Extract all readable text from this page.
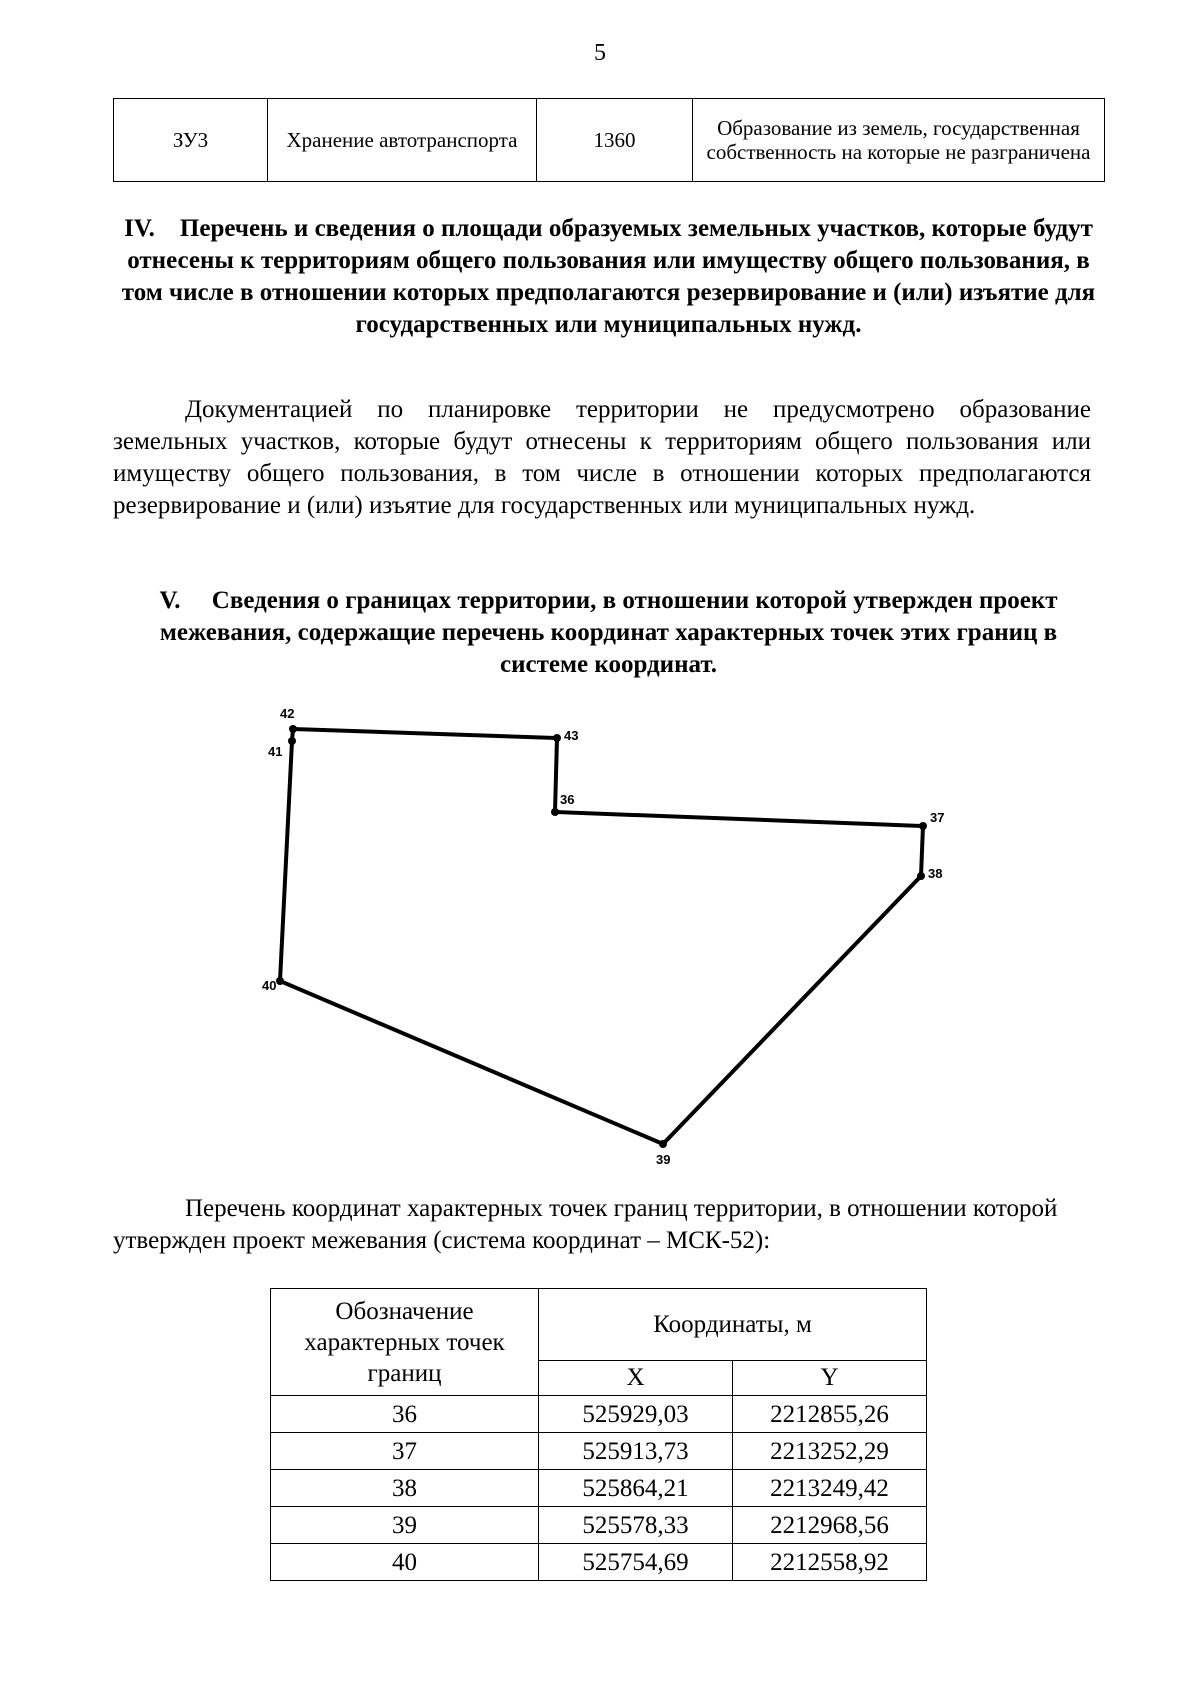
5
ЗУ3	Хранение автотранспорта	1360	Образование из земель, государственная собственность на которые не разграничена
IV.    Перечень и сведения о площади образуемых земельных участков, которые будут отнесены к территориям общего пользования или имуществу общего пользования, в том числе в отношении которых предполагаются резервирование и (или) изъятие для государственных или муниципальных нужд.
Документацией по планировке территории не предусмотрено образование земельных участков, которые будут отнесены к территориям общего пользования или имуществу общего пользования, в том числе в отношении которых предполагаются резервирование и (или) изъятие для государственных или муниципальных нужд.
V.     Сведения о границах территории, в отношении которой утвержден проект межевания, содержащие перечень координат характерных точек этих границ в системе координат.
42
43
36
37
38
39
40
41
Перечень координат характерных точек границ территории, в отношении которой утвержден проект межевания (система координат – МСК-52):
Обозначение характерных точек границ	Координаты, м	
	X	Y
36	525929,03	2212855,26
37	525913,73	2213252,29
38	525864,21	2213249,42
39	525578,33	2212968,56
40	525754,69	2212558,92
